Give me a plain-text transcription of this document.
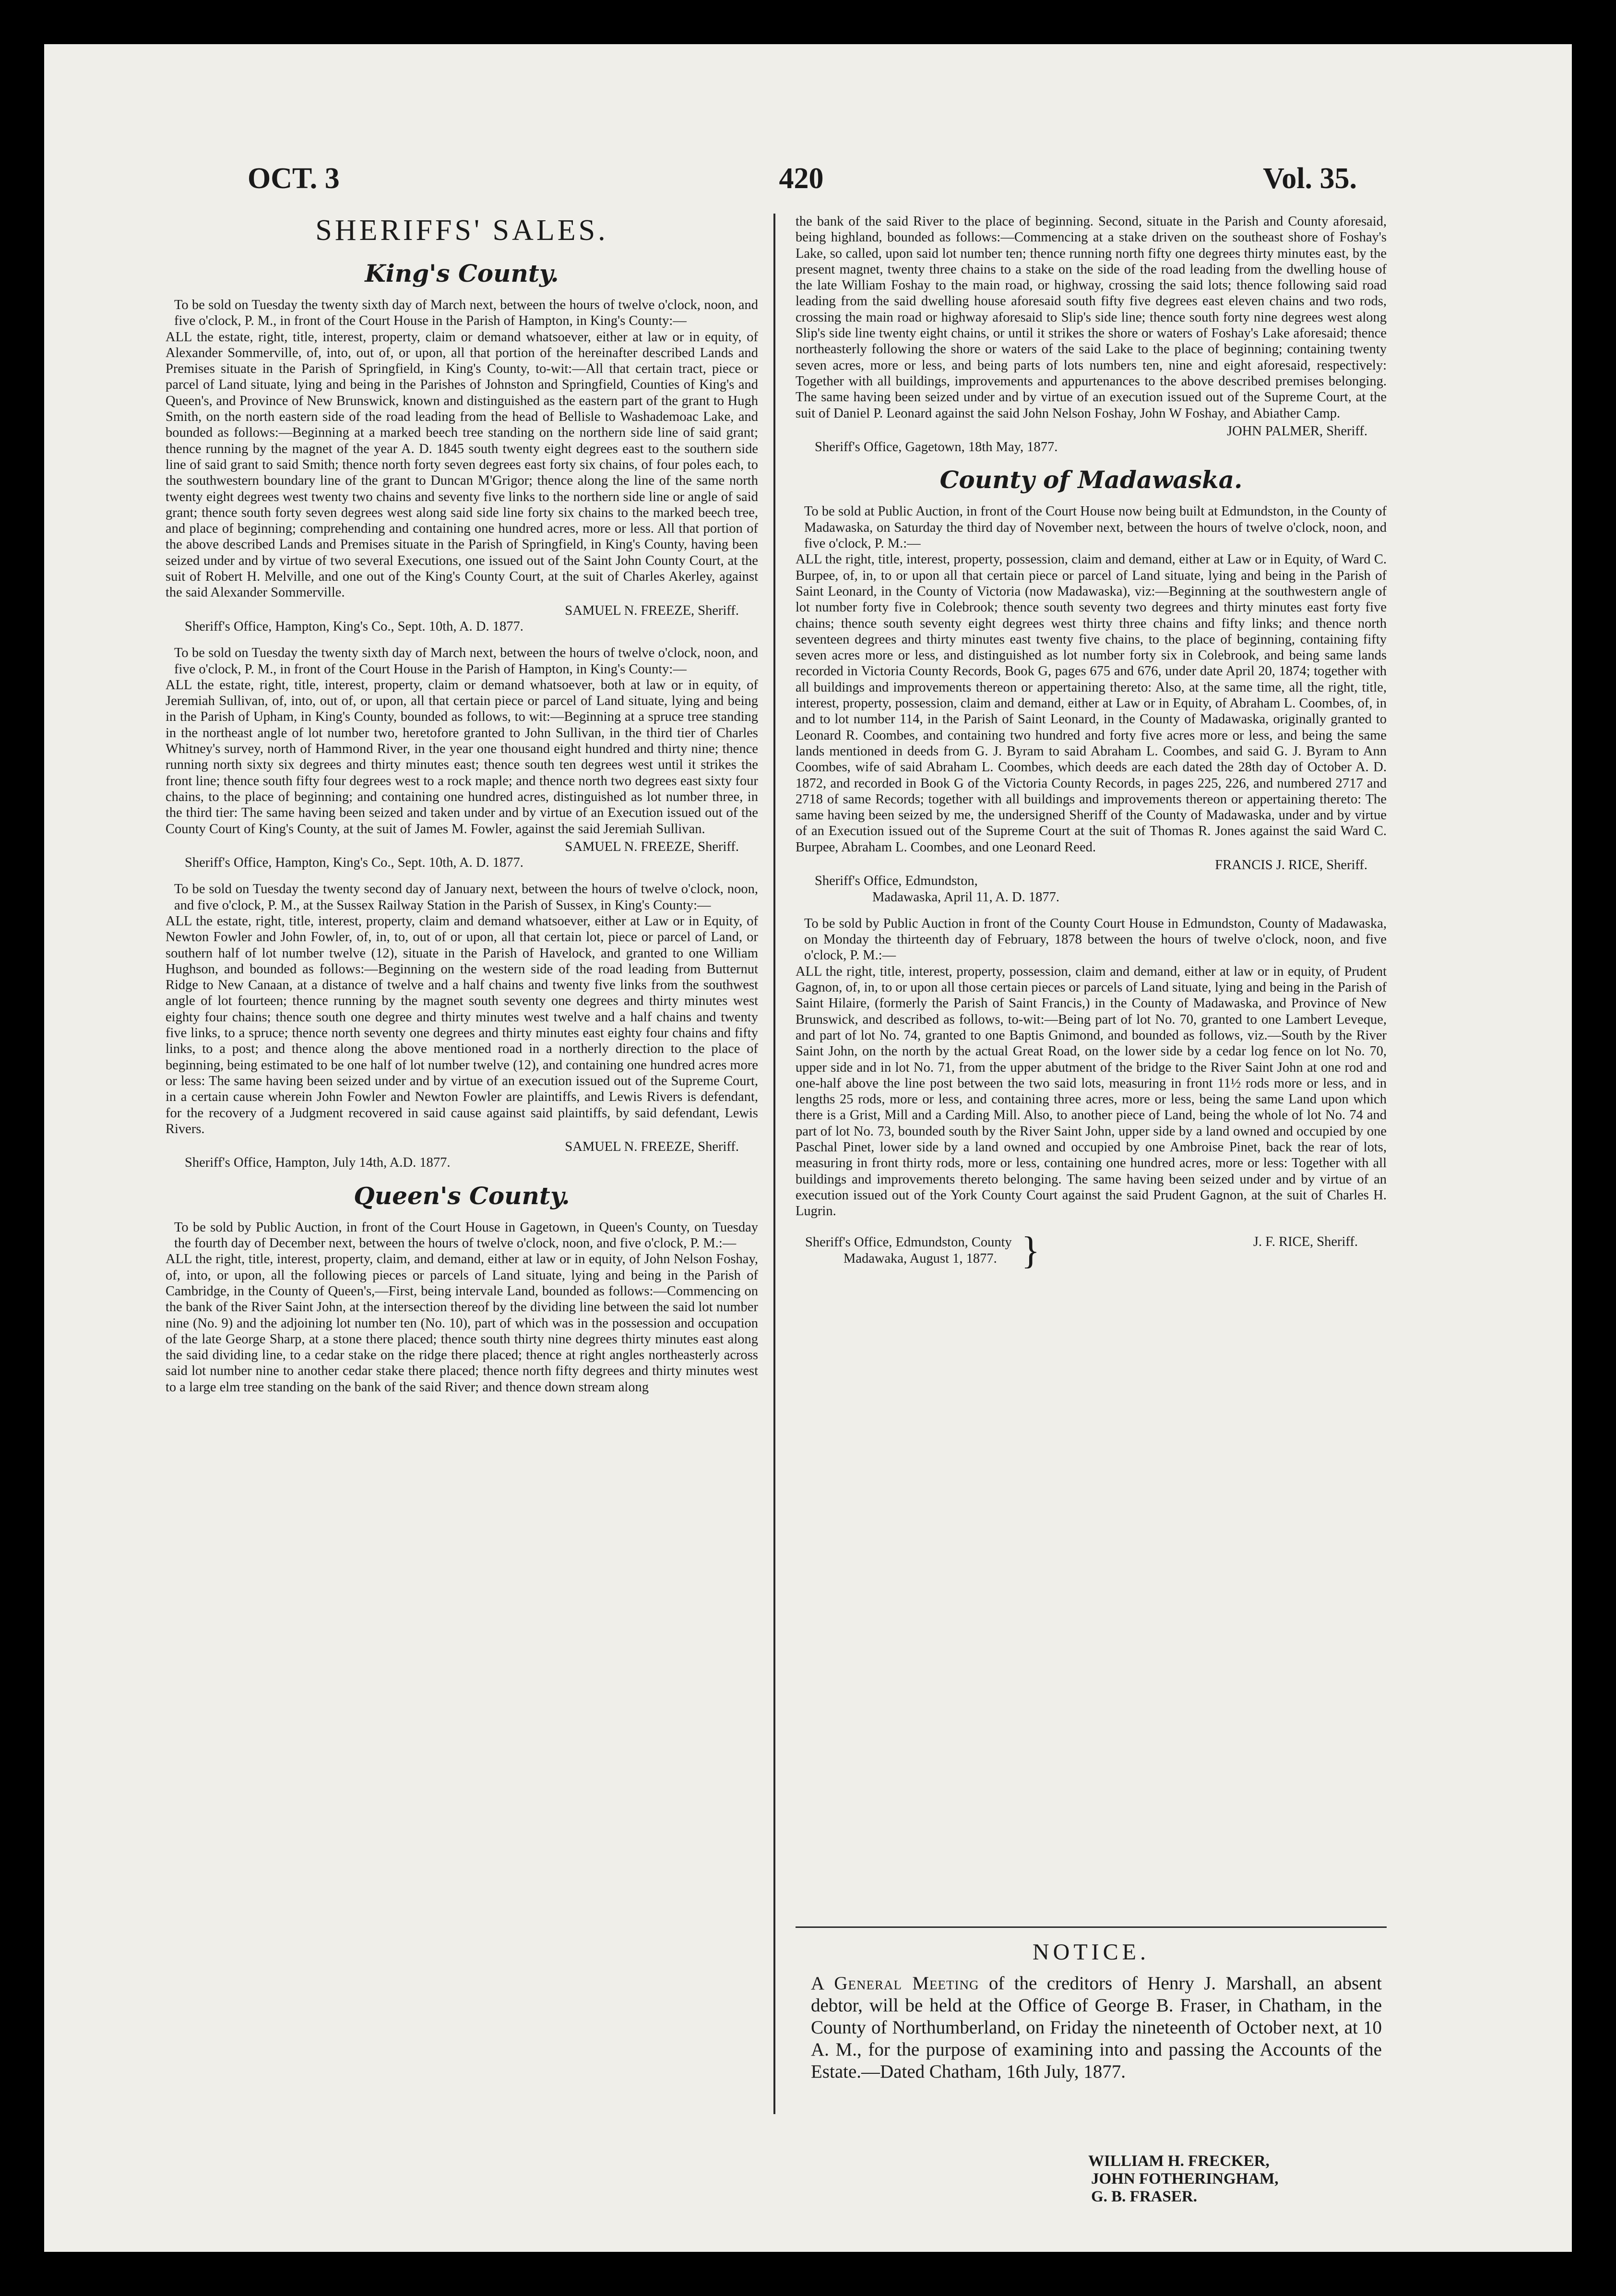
OCT. 3	420	Vol. 35.
SHERIFFS' SALES.
King's County.

To be sold on Tuesday the twenty sixth day of March next, between the hours of twelve o'clock, noon, and five o'clock, P. M., in front of the Court House in the Parish of Hampton, in King's County:—
ALL the estate, right, title, interest, property, claim or demand whatsoever, either at law or in equity, of Alexander Sommerville, of, into, out of, or upon, all that portion of the hereinafter described Lands and Premises situate in the Parish of Springfield, in King's County, to-wit:—All that certain tract, piece or parcel of Land situate, lying and being in the Parishes of Johnston and Springfield, Counties of King's and Queen's, and Province of New Brunswick, known and distinguished as the eastern part of the grant to Hugh Smith, on the north eastern side of the road leading from the head of Bellisle to Washademoac Lake, and bounded as follows:—Beginning at a marked beech tree standing on the northern side line of said grant; thence running by the magnet of the year A. D. 1845 south twenty eight degrees east to the southern side line of said grant to said Smith; thence north forty seven degrees east forty six chains, of four poles each, to the southwestern boundary line of the grant to Duncan M'Grigor; thence along the line of the same north twenty eight degrees west twenty two chains and seventy five links to the northern side line or angle of said grant; thence south forty seven degrees west along said side line forty six chains to the marked beech tree, and place of beginning; comprehending and containing one hundred acres, more or less. All that portion of the above described Lands and Premises situate in the Parish of Springfield, in King's County, having been seized under and by virtue of two several Executions, one issued out of the Saint John County Court, at the suit of Robert H. Melville, and one out of the King's County Court, at the suit of Charles Akerley, against the said Alexander Sommerville.

SAMUEL N. FREEZE, Sheriff.

Sheriff's Office, Hampton, King's Co., Sept. 10th, A. D. 1877.

To be sold on Tuesday the twenty sixth day of March next, between the hours of twelve o'clock, noon, and five o'clock, P. M., in front of the Court House in the Parish of Hampton, in King's County:—
ALL the estate, right, title, interest, property, claim or demand whatsoever, both at law or in equity, of Jeremiah Sullivan, of, into, out of, or upon, all that certain piece or parcel of Land situate, lying and being in the Parish of Upham, in King's County, bounded as follows, to wit:—Beginning at a spruce tree standing in the northeast angle of lot number two, heretofore granted to John Sullivan, in the third tier of Charles Whitney's survey, north of Hammond River, in the year one thousand eight hundred and thirty nine; thence running north sixty six degrees and thirty minutes east; thence south ten degrees west until it strikes the front line; thence south fifty four degrees west to a rock maple; and thence north two degrees east sixty four chains, to the place of beginning; and containing one hundred acres, distinguished as lot number three, in the third tier: The same having been seized and taken under and by virtue of an Execution issued out of the County Court of King's County, at the suit of James M. Fowler, against the said Jeremiah Sullivan.

SAMUEL N. FREEZE, Sheriff.

Sheriff's Office, Hampton, King's Co., Sept. 10th, A. D. 1877.

To be sold on Tuesday the twenty second day of January next, between the hours of twelve o'clock, noon, and five o'clock, P. M., at the Sussex Railway Station in the Parish of Sussex, in King's County:—
ALL the estate, right, title, interest, property, claim and demand whatsoever, either at Law or in Equity, of Newton Fowler and John Fowler, of, in, to, out of or upon, all that certain lot, piece or parcel of Land, or southern half of lot number twelve (12), situate in the Parish of Havelock, and granted to one William Hughson, and bounded as follows:—Beginning on the western side of the road leading from Butternut Ridge to New Canaan, at a distance of twelve and a half chains and twenty five links from the southwest angle of lot fourteen; thence running by the magnet south seventy one degrees and thirty minutes west eighty four chains; thence south one degree and thirty minutes west twelve and a half chains and twenty five links, to a spruce; thence north seventy one degrees and thirty minutes east eighty four chains and fifty links, to a post; and thence along the above mentioned road in a northerly direction to the place of beginning, being estimated to be one half of lot number twelve (12), and containing one hundred acres more or less: The same having been seized under and by virtue of an execution issued out of the Supreme Court, in a certain cause wherein John Fowler and Newton Fowler are plaintiffs, and Lewis Rivers is defendant, for the recovery of a Judgment recovered in said cause against said plaintiffs, by said defendant, Lewis Rivers.

SAMUEL N. FREEZE, Sheriff.

Sheriff's Office, Hampton, July 14th, A.D. 1877.

Queen's County.

To be sold by Public Auction, in front of the Court House in Gagetown, in Queen's County, on Tuesday the fourth day of December next, between the hours of twelve o'clock, noon, and five o'clock, P. M.:—
ALL the right, title, interest, property, claim, and demand, either at law or in equity, of John Nelson Foshay, of, into, or upon, all the following pieces or parcels of Land situate, lying and being in the Parish of Cambridge, in the County of Queen's,—First, being intervale Land, bounded as follows:—Commencing on the bank of the River Saint John, at the intersection thereof by the dividing line between the said lot number nine (No. 9) and the adjoining lot number ten (No. 10), part of which was in the possession and occupation of the late George Sharp, at a stone there placed; thence south thirty nine degrees thirty minutes east along the said dividing line, to a cedar stake on the ridge there placed; thence at right angles northeasterly across said lot number nine to another cedar stake there placed; thence north fifty degrees and thirty minutes west to a large elm tree standing on the bank of the said River; and thence down stream along

the bank of the said River to the place of beginning. Second, situate in the Parish and County aforesaid, being highland, bounded as follows:—Commencing at a stake driven on the southeast shore of Foshay's Lake, so called, upon said lot number ten; thence running north fifty one degrees thirty minutes east, by the present magnet, twenty three chains to a stake on the side of the road leading from the dwelling house of the late William Foshay to the main road, or highway, crossing the said lots; thence following said road leading from the said dwelling house aforesaid south fifty five degrees east eleven chains and two rods, crossing the main road or highway aforesaid to Slip's side line; thence south forty nine degrees west along Slip's side line twenty eight chains, or until it strikes the shore or waters of Foshay's Lake aforesaid; thence northeasterly following the shore or waters of the said Lake to the place of beginning; containing twenty seven acres, more or less, and being parts of lots numbers ten, nine and eight aforesaid, respectively: Together with all buildings, improvements and appurtenances to the above described premises belonging. The same having been seized under and by virtue of an execution issued out of the Supreme Court, at the suit of Daniel P. Leonard against the said John Nelson Foshay, John W Foshay, and Abiather Camp.

JOHN PALMER, Sheriff.

Sheriff's Office, Gagetown, 18th May, 1877.

County of Madawaska.

To be sold at Public Auction, in front of the Court House now being built at Edmundston, in the County of Madawaska, on Saturday the third day of November next, between the hours of twelve o'clock, noon, and five o'clock, P. M.:—
ALL the right, title, interest, property, possession, claim and demand, either at Law or in Equity, of Ward C. Burpee, of, in, to or upon all that certain piece or parcel of Land situate, lying and being in the Parish of Saint Leonard, in the County of Victoria (now Madawaska), viz:—Beginning at the southwestern angle of lot number forty five in Colebrook; thence south seventy two degrees and thirty minutes east forty five chains; thence south seventy eight degrees west thirty three chains and fifty links; and thence north seventeen degrees and thirty minutes east twenty five chains, to the place of beginning, containing fifty seven acres more or less, and distinguished as lot number forty six in Colebrook, and being same lands recorded in Victoria County Records, Book G, pages 675 and 676, under date April 20, 1874; together with all buildings and improvements thereon or appertaining thereto: Also, at the same time, all the right, title, interest, property, possession, claim and demand, either at Law or in Equity, of Abraham L. Coombes, of, in and to lot number 114, in the Parish of Saint Leonard, in the County of Madawaska, originally granted to Leonard R. Coombes, and containing two hundred and forty five acres more or less, and being the same lands mentioned in deeds from G. J. Byram to said Abraham L. Coombes, and said G. J. Byram to Ann Coombes, wife of said Abraham L. Coombes, which deeds are each dated the 28th day of October A. D. 1872, and recorded in Book G of the Victoria County Records, in pages 225, 226, and numbered 2717 and 2718 of same Records; together with all buildings and improvements thereon or appertaining thereto: The same having been seized by me, the undersigned Sheriff of the County of Madawaska, under and by virtue of an Execution issued out of the Supreme Court at the suit of Thomas R. Jones against the said Ward C. Burpee, Abraham L. Coombes, and one Leonard Reed.

FRANCIS J. RICE, Sheriff.

Sheriff's Office, Edmundston,
Madawaska, April 11, A. D. 1877.

To be sold by Public Auction in front of the County Court House in Edmundston, County of Madawaska, on Monday the thirteenth day of February, 1878 between the hours of twelve o'clock, noon, and five o'clock, P. M.:—
ALL the right, title, interest, property, possession, claim and demand, either at law or in equity, of Prudent Gagnon, of, in, to or upon all those certain pieces or parcels of Land situate, lying and being in the Parish of Saint Hilaire, (formerly the Parish of Saint Francis,) in the County of Madawaska, and Province of New Brunswick, and described as follows, to-wit:—Being part of lot No. 70, granted to one Lambert Leveque, and part of lot No. 74, granted to one Baptis Gnimond, and bounded as follows, viz.—South by the River Saint John, on the north by the actual Great Road, on the lower side by a cedar log fence on lot No. 70, upper side and in lot No. 71, from the upper abutment of the bridge to the River Saint John at one rod and one-half above the line post between the two said lots, measuring in front 11½ rods more or less, and in lengths 25 rods, more or less, and containing three acres, more or less, being the same Land upon which there is a Grist, Mill and a Carding Mill. Also, to another piece of Land, being the whole of lot No. 74 and part of lot No. 73, bounded south by the River Saint John, upper side by a land owned and occupied by one Paschal Pinet, lower side by a land owned and occupied by one Ambroise Pinet, back the rear of lots, measuring in front thirty rods, more or less, containing one hundred acres, more or less: Together with all buildings and improvements thereto belonging. The same having been seized under and by virtue of an execution issued out of the York County Court against the said Prudent Gagnon, at the suit of Charles H. Lugrin.

Sheriff's Office, Edmundston, County
Madawaka, August 1, 1877. }	J. F. RICE, Sheriff.
NOTICE.

A General Meeting of the creditors of Henry J. Marshall, an absent debtor, will be held at the Office of George B. Fraser, in Chatham, in the County of Northumberland, on Friday the nineteenth of October next, at 10 A. M., for the purpose of examining into and passing the Accounts of the Estate.—Dated Chatham, 16th July, 1877.

WILLIAM H. FRECKER,
JOHN FOTHERINGHAM,
G. B. FRASER.
